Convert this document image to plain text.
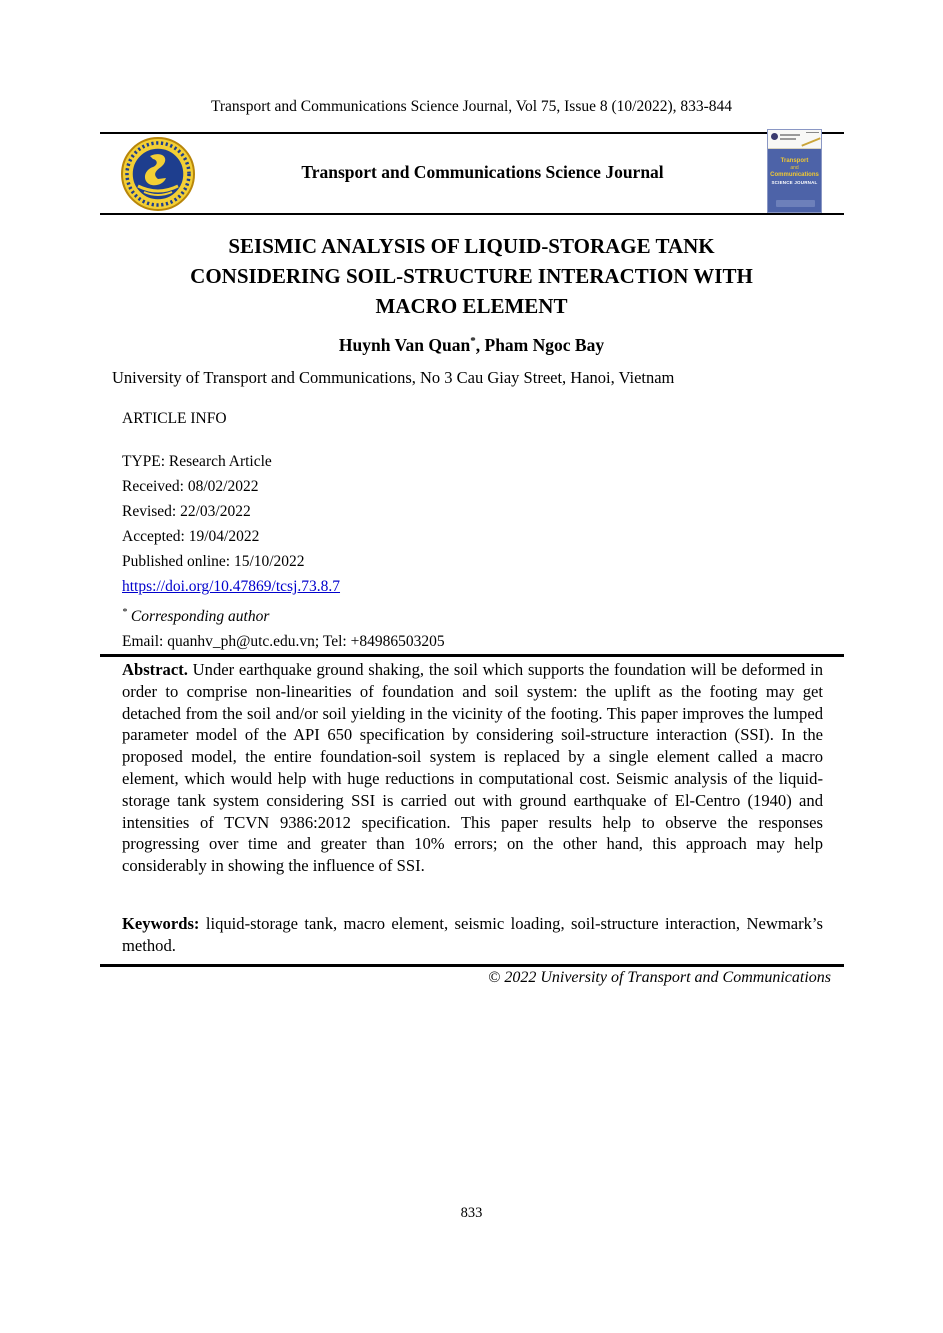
Transport and Communications Science Journal, Vol 75, Issue 8 (10/2022), 833-844
Transport and Communications Science Journal
Transport
and
Communications
SCIENCE JOURNAL
SEISMIC ANALYSIS OF LIQUID-STORAGE TANK
CONSIDERING SOIL-STRUCTURE INTERACTION WITH
MACRO ELEMENT
Huynh Van Quan*, Pham Ngoc Bay
University of Transport and Communications, No 3 Cau Giay Street, Hanoi, Vietnam
ARTICLE INFO
TYPE: Research Article
Received: 08/02/2022
Revised: 22/03/2022
Accepted: 19/04/2022
Published online: 15/10/2022
https://doi.org/10.47869/tcsj.73.8.7
* Corresponding author
Email: quanhv_ph@utc.edu.vn; Tel: +84986503205
Abstract. Under earthquake ground shaking, the soil which supports the foundation will be deformed in order to comprise non-linearities of foundation and soil system: the uplift as the footing may get detached from the soil and/or soil yielding in the vicinity of the footing. This paper improves the lumped parameter model of the API 650 specification by considering soil-structure interaction (SSI). In the proposed model, the entire foundation-soil system is replaced by a single element called a macro element, which would help with huge reductions in computational cost. Seismic analysis of the liquid-storage tank system considering SSI is carried out with ground earthquake of El-Centro (1940) and intensities of TCVN 9386:2012 specification. This paper results help to observe the responses progressing over time and greater than 10% errors; on the other hand, this approach may help considerably in showing the influence of SSI.
Keywords: liquid-storage tank, macro element, seismic loading, soil-structure interaction, Newmark’s method.
© 2022 University of Transport and Communications
833
